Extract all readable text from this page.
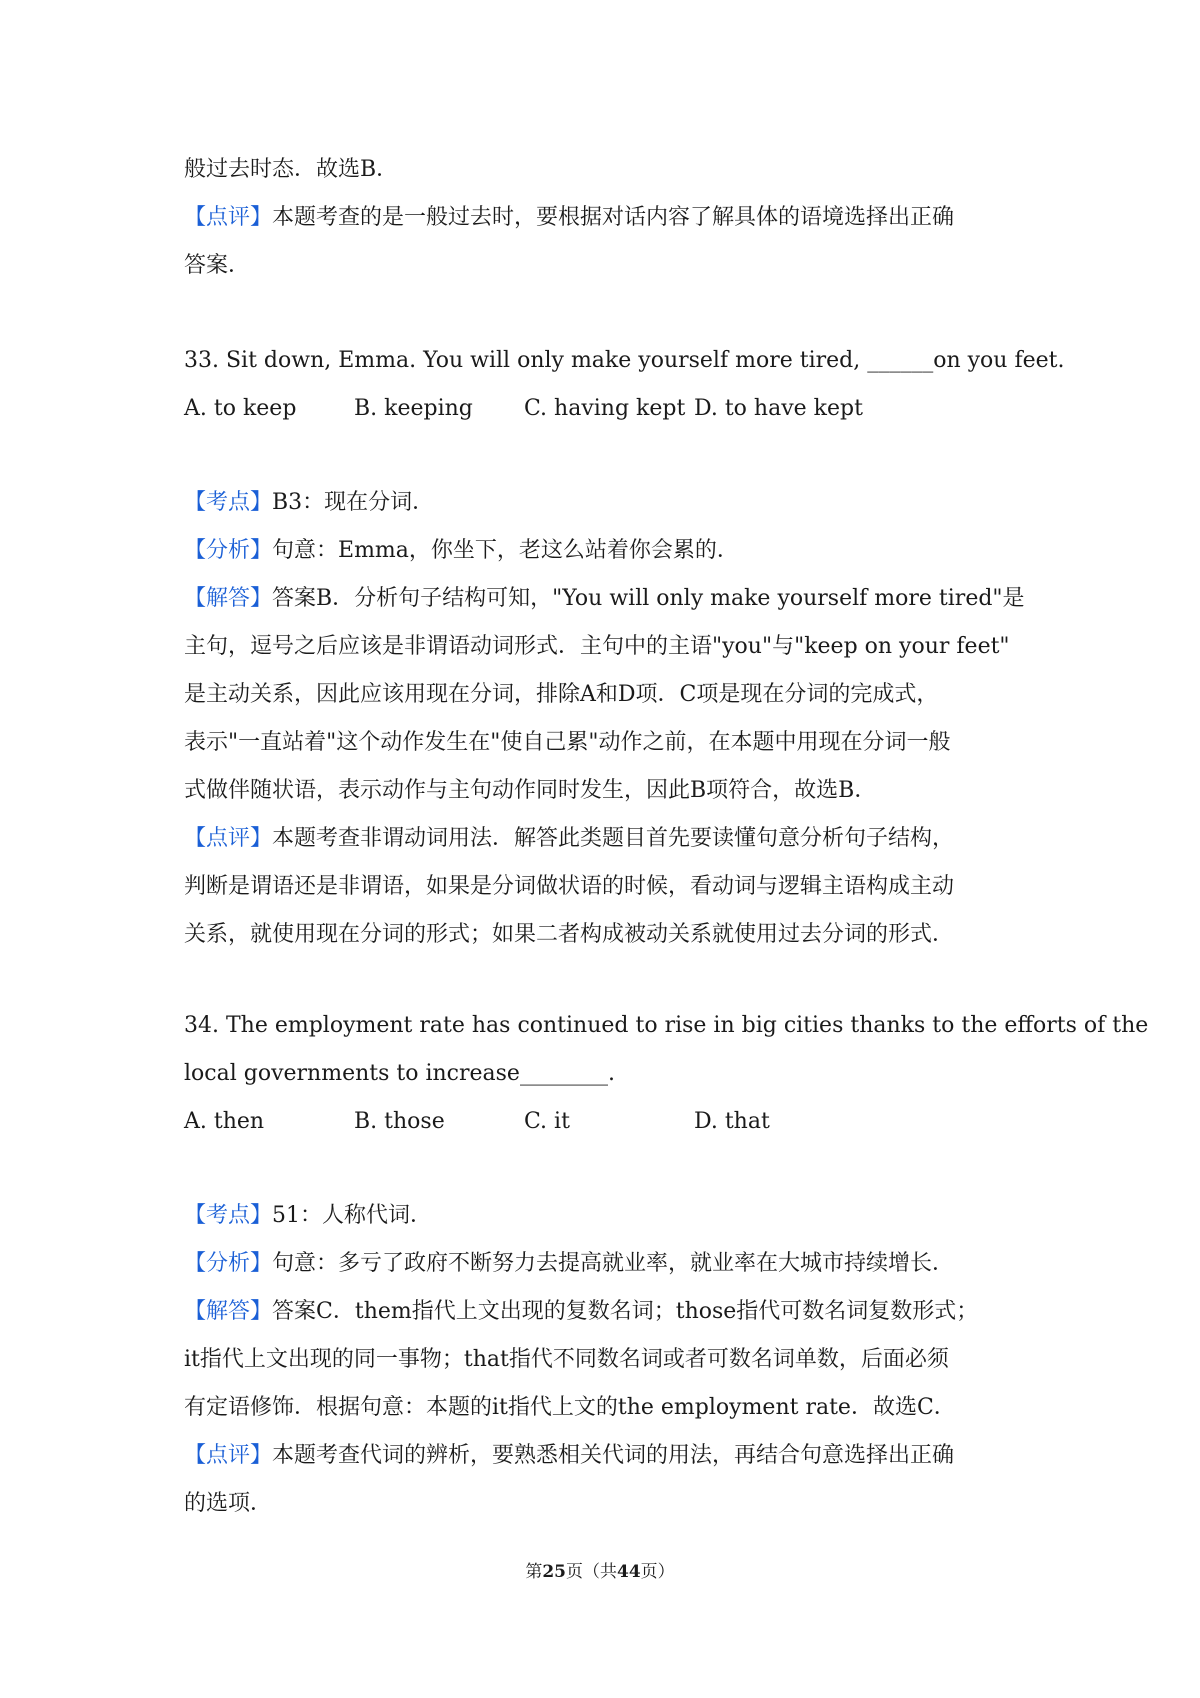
般过去时态．故选B．
【点评】本题考查的是一般过去时，要根据对话内容了解具体的语境选择出正确
答案．
33. Sit down, Emma. You will only make yourself more tired, ______on you feet.
A. to keep	B. keeping C. having kept D. to have kept
【考点】B3：现在分词．
【分析】句意：Emma，你坐下，老这么站着你会累的．
【解答】答案B．分析句子结构可知，"You will only make yourself more tired"是
主句，逗号之后应该是非谓语动词形式．主句中的主语"you"与"keep on your feet"
是主动关系，因此应该用现在分词，排除A和D项．C项是现在分词的完成式，
表示"一直站着"这个动作发生在"使自己累"动作之前，在本题中用现在分词一般
式做伴随状语，表示动作与主句动作同时发生，因此B项符合，故选B．
【点评】本题考查非谓动词用法．解答此类题目首先要读懂句意分析句子结构，
判断是谓语还是非谓语，如果是分词做状语的时候，看动词与逻辑主语构成主动
关系，就使用现在分词的形式；如果二者构成被动关系就使用过去分词的形式．
34. The employment rate has continued to rise in big cities thanks to the efforts of the
local governments to increase________.
A. then	B. those	C. it	D. that
【考点】51：人称代词．
【分析】句意：多亏了政府不断努力去提高就业率，就业率在大城市持续增长．
【解答】答案C．them指代上文出现的复数名词；those指代可数名词复数形式；
it指代上文出现的同一事物；that指代不同数名词或者可数名词单数，后面必须
有定语修饰．根据句意：本题的it指代上文的the employment rate．故选C．
【点评】本题考查代词的辨析，要熟悉相关代词的用法，再结合句意选择出正确
的选项．
第25页（共44页）
